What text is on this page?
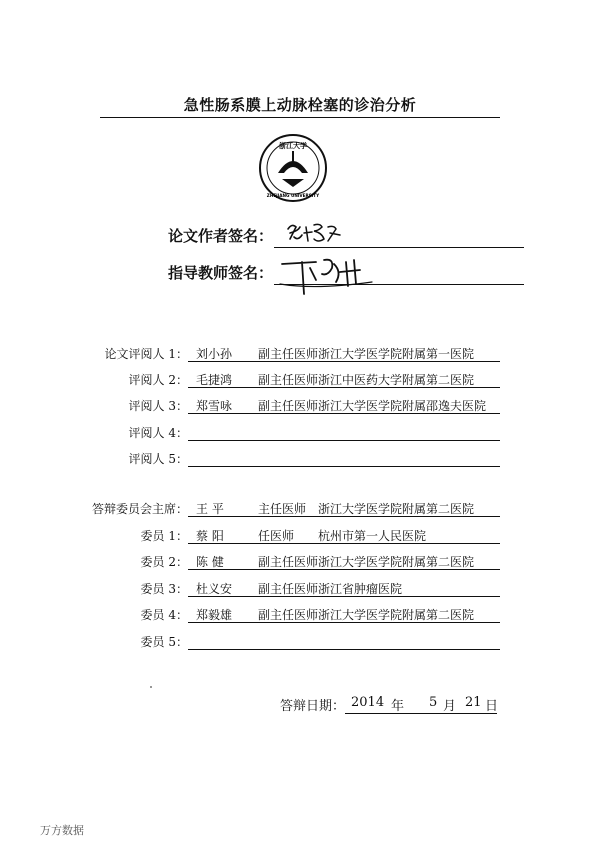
急性肠系膜上动脉栓塞的诊治分析
浙江大学
ZHEJIANG UNIVERSITY
1897
论文作者签名：
指导教师签名：
论文评阅人 1： 刘小孙 副主任医师 浙江大学医学院附属第一医院
评阅人 2： 毛捷鸿 副主任医师 浙江中医药大学附属第二医院
评阅人 3： 郑雪咏 副主任医师 浙江大学医学院附属邵逸夫医院
评阅人 4：
评阅人 5：
答辩委员会主席： 王 平	主任医师 浙江大学医学院附属第二医院
委员 1： 蔡 阳	任医师 杭州市第一人民医院
委员 2： 陈 健	副主任医师 浙江大学医学院附属第二医院
委员 3： 杜义安 副主任医师 浙江省肿瘤医院
委员 4： 郑毅雄 副主任医师 浙江大学医学院附属第二医院
委员 5：
答辩日期： 2014 年 5 月 21 日
万方数据
